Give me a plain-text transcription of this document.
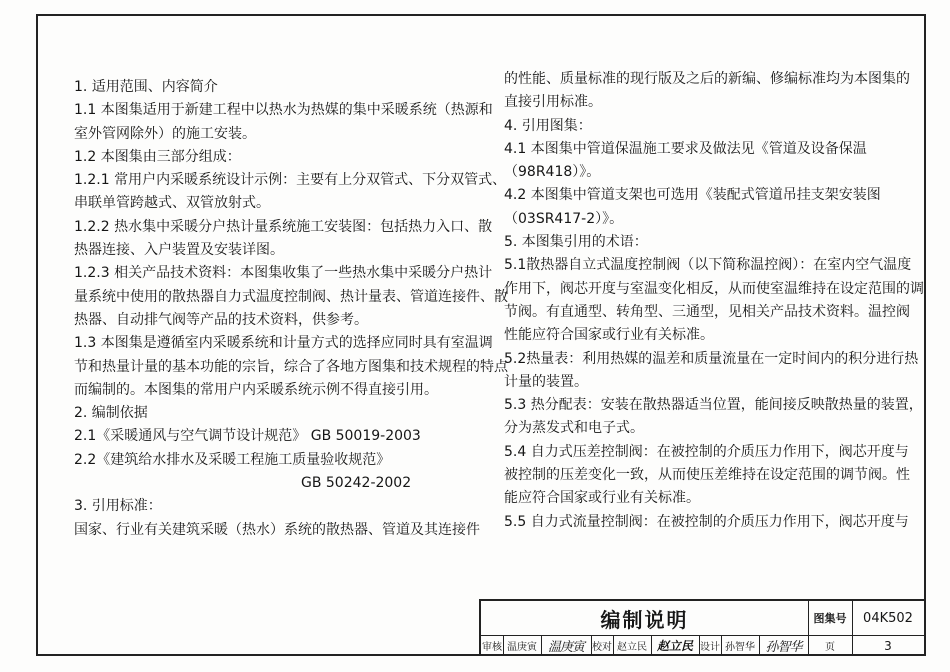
1. 适用范围、内容简介
1.1 本图集适用于新建工程中以热水为热媒的集中采暖系统（热源和
室外管网除外）的施工安装。
1.2 本图集由三部分组成：
1.2.1 常用户内采暖系统设计示例：主要有上分双管式、下分双管式、
串联单管跨越式、双管放射式。
1.2.2 热水集中采暖分户热计量系统施工安装图：包括热力入口、散
热器连接、入户装置及安装详图。
1.2.3 相关产品技术资料：本图集收集了一些热水集中采暖分户热计
量系统中使用的散热器自力式温度控制阀、热计量表、管道连接件、散
热器、自动排气阀等产品的技术资料，供参考。
1.3 本图集是遵循室内采暖系统和计量方式的选择应同时具有室温调
节和热量计量的基本功能的宗旨，综合了各地方图集和技术规程的特点
而编制的。本图集的常用户内采暖系统示例不得直接引用。
2. 编制依据
2.1《采暖通风与空气调节设计规范》 GB 50019-2003
2.2《建筑给水排水及采暖工程施工质量验收规范》
GB 50242-2002
3. 引用标准：
国家、行业有关建筑采暖（热水）系统的散热器、管道及其连接件
的性能、质量标准的现行版及之后的新编、修编标准均为本图集的
直接引用标准。
4. 引用图集：
4.1 本图集中管道保温施工要求及做法见《管道及设备保温
（98R418）》。
4.2 本图集中管道支架也可选用《装配式管道吊挂支架安装图
（03SR417-2）》。
5. 本图集引用的术语：
5.1散热器自立式温度控制阀（以下简称温控阀）：在室内空气温度
作用下，阀芯开度与室温变化相反，从而使室温维持在设定范围的调
节阀。有直通型、转角型、三通型，见相关产品技术资料。温控阀
性能应符合国家或行业有关标准。
5.2热量表：利用热媒的温差和质量流量在一定时间内的积分进行热
计量的装置。
5.3 热分配表：安装在散热器适当位置，能间接反映散热量的装置，
分为蒸发式和电子式。
5.4 自力式压差控制阀：在被控制的介质压力作用下，阀芯开度与
被控制的压差变化一致，从而使压差维持在设定范围的调节阀。性
能应符合国家或行业有关标准。
5.5 自力式流量控制阀：在被控制的介质压力作用下，阀芯开度与
编制说明	图集号	04K502
审核 温庚寅 温庚寅 校对 赵立民 赵立民 设计 孙智华 孙智华	页	3
